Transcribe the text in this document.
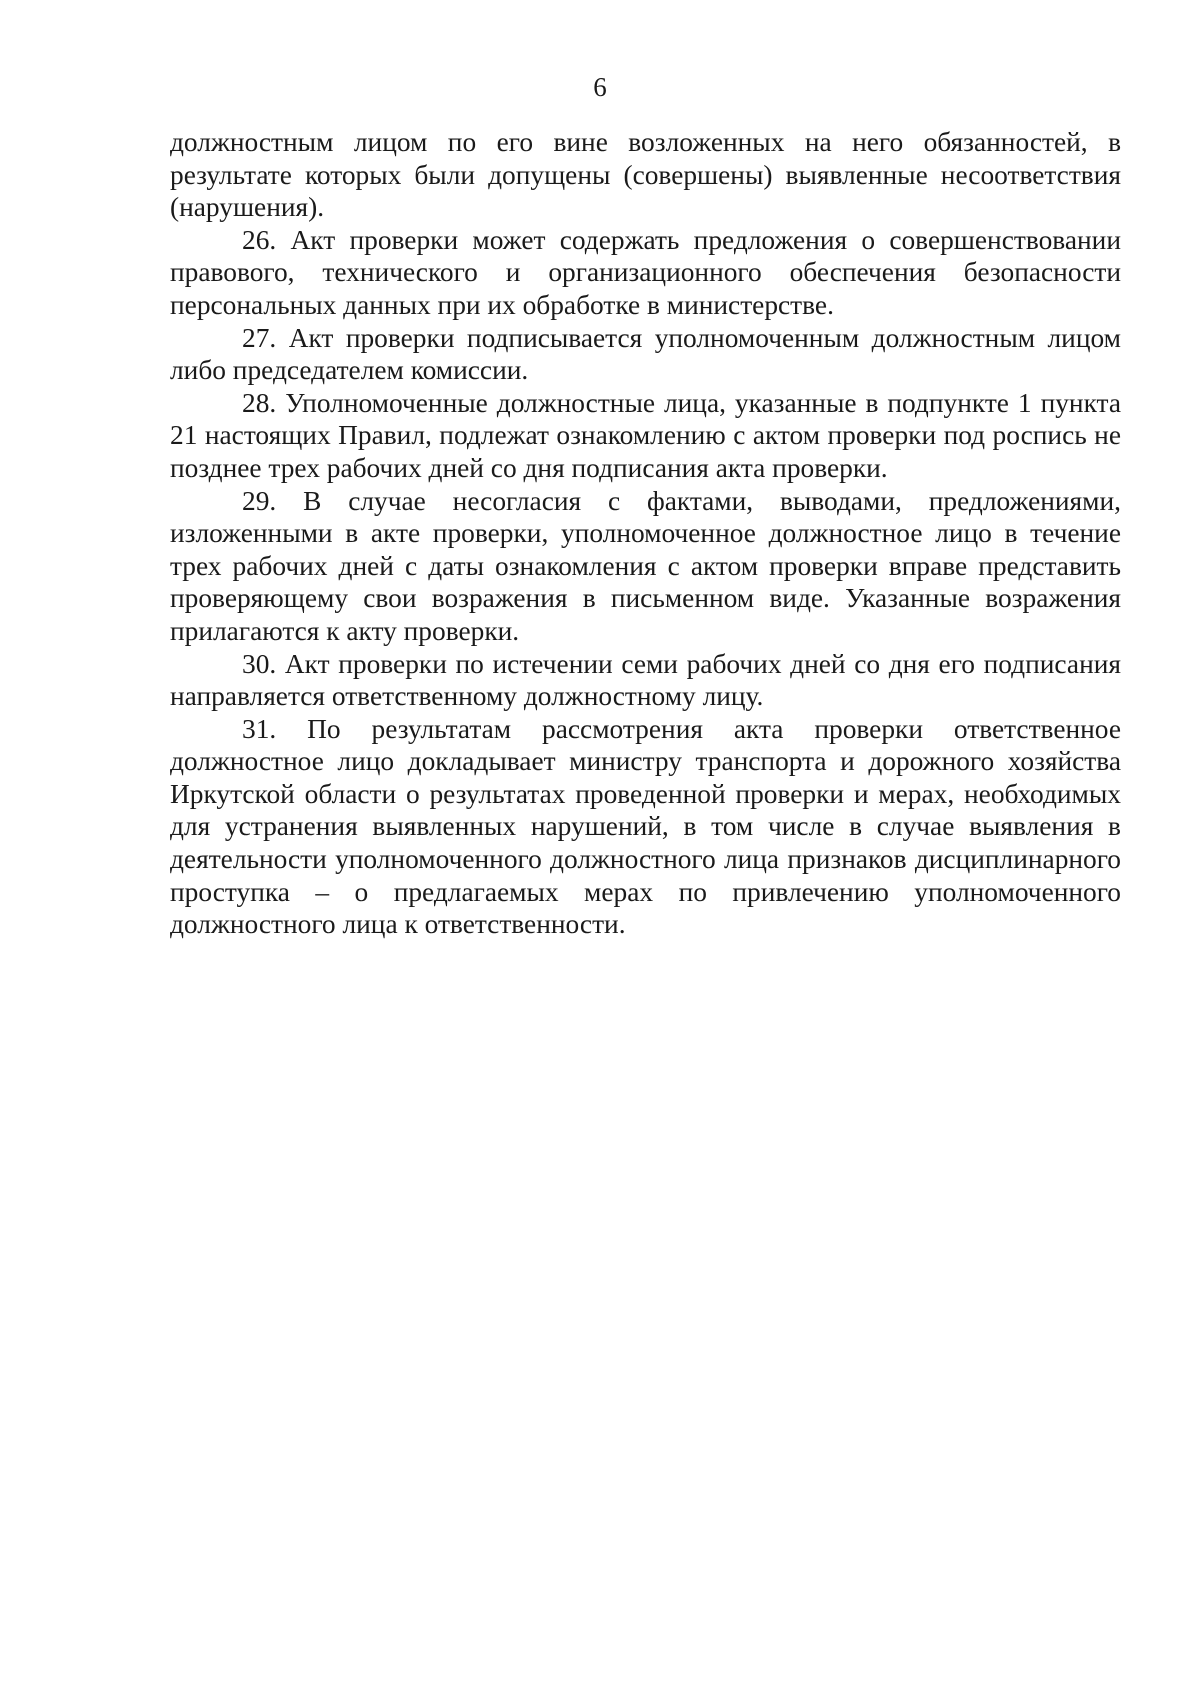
6

должностным лицом по его вине возложенных на него обязанностей, в результате которых были допущены (совершены) выявленные несоответствия (нарушения).

26. Акт проверки может содержать предложения о совершенствовании правового, технического и организационного обеспечения безопасности персональных данных при их обработке в министерстве.

27. Акт проверки подписывается уполномоченным должностным лицом либо председателем комиссии.

28. Уполномоченные должностные лица, указанные в подпункте 1 пункта 21 настоящих Правил, подлежат ознакомлению с актом проверки под роспись не позднее трех рабочих дней со дня подписания акта проверки.

29. В случае несогласия с фактами, выводами, предложениями, изложенными в акте проверки, уполномоченное должностное лицо в течение трех рабочих дней с даты ознакомления с актом проверки вправе представить проверяющему свои возражения в письменном виде. Указанные возражения прилагаются к акту проверки.

30. Акт проверки по истечении семи рабочих дней со дня его подписания направляется ответственному должностному лицу.

31. По результатам рассмотрения акта проверки ответственное должностное лицо докладывает министру транспорта и дорожного хозяйства Иркутской области о результатах проведенной проверки и мерах, необходимых для устранения выявленных нарушений, в том числе в случае выявления в деятельности уполномоченного должностного лица признаков дисциплинарного проступка – о предлагаемых мерах по привлечению уполномоченного должностного лица к ответственности.
